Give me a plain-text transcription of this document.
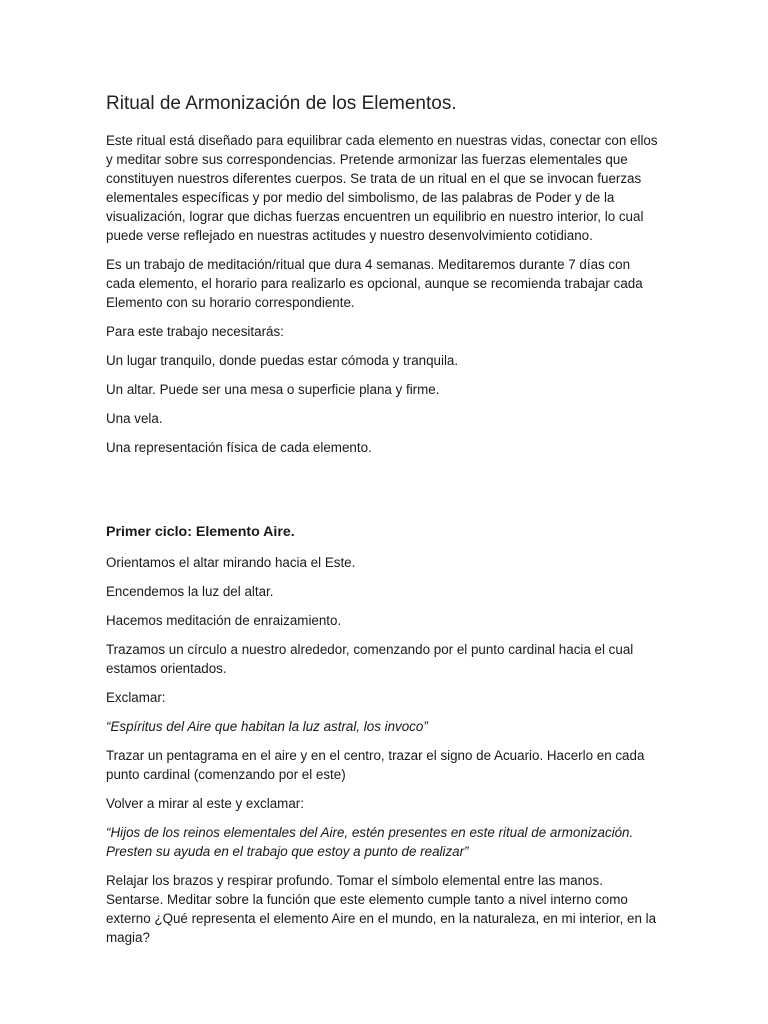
Ritual de Armonización de los Elementos.

Este ritual está diseñado para equilibrar cada elemento en nuestras vidas, conectar con ellos y meditar sobre sus correspondencias. Pretende armonizar las fuerzas elementales que constituyen nuestros diferentes cuerpos. Se trata de un ritual en el que se invocan fuerzas elementales específicas y por medio del simbolismo, de las palabras de Poder y de la visualización, lograr que dichas fuerzas encuentren un equilibrio en nuestro interior, lo cual puede verse reflejado en nuestras actitudes y nuestro desenvolvimiento cotidiano.

Es un trabajo de meditación/ritual que dura 4 semanas. Meditaremos durante 7 días con cada elemento, el horario para realizarlo es opcional, aunque se recomienda trabajar cada Elemento con su horario correspondiente.

Para este trabajo necesitarás:

Un lugar tranquilo, donde puedas estar cómoda y tranquila.

Un altar. Puede ser una mesa o superficie plana y firme.

Una vela.

Una representación física de cada elemento.

Primer ciclo: Elemento Aire.

Orientamos el altar mirando hacia el Este.

Encendemos la luz del altar.

Hacemos meditación de enraizamiento.

Trazamos un círculo a nuestro alrededor, comenzando por el punto cardinal hacia el cual estamos orientados.

Exclamar:

“Espíritus del Aire que habitan la luz astral, los invoco”

Trazar un pentagrama en el aire y en el centro, trazar el signo de Acuario. Hacerlo en cada punto cardinal (comenzando por el este)

Volver a mirar al este y exclamar:

“Hijos de los reinos elementales del Aire, estén presentes en este ritual de armonización. Presten su ayuda en el trabajo que estoy a punto de realizar”

Relajar los brazos y respirar profundo. Tomar el símbolo elemental entre las manos. Sentarse. Meditar sobre la función que este elemento cumple tanto a nivel interno como externo ¿Qué representa el elemento Aire en el mundo, en la naturaleza, en mi interior, en la magia?
